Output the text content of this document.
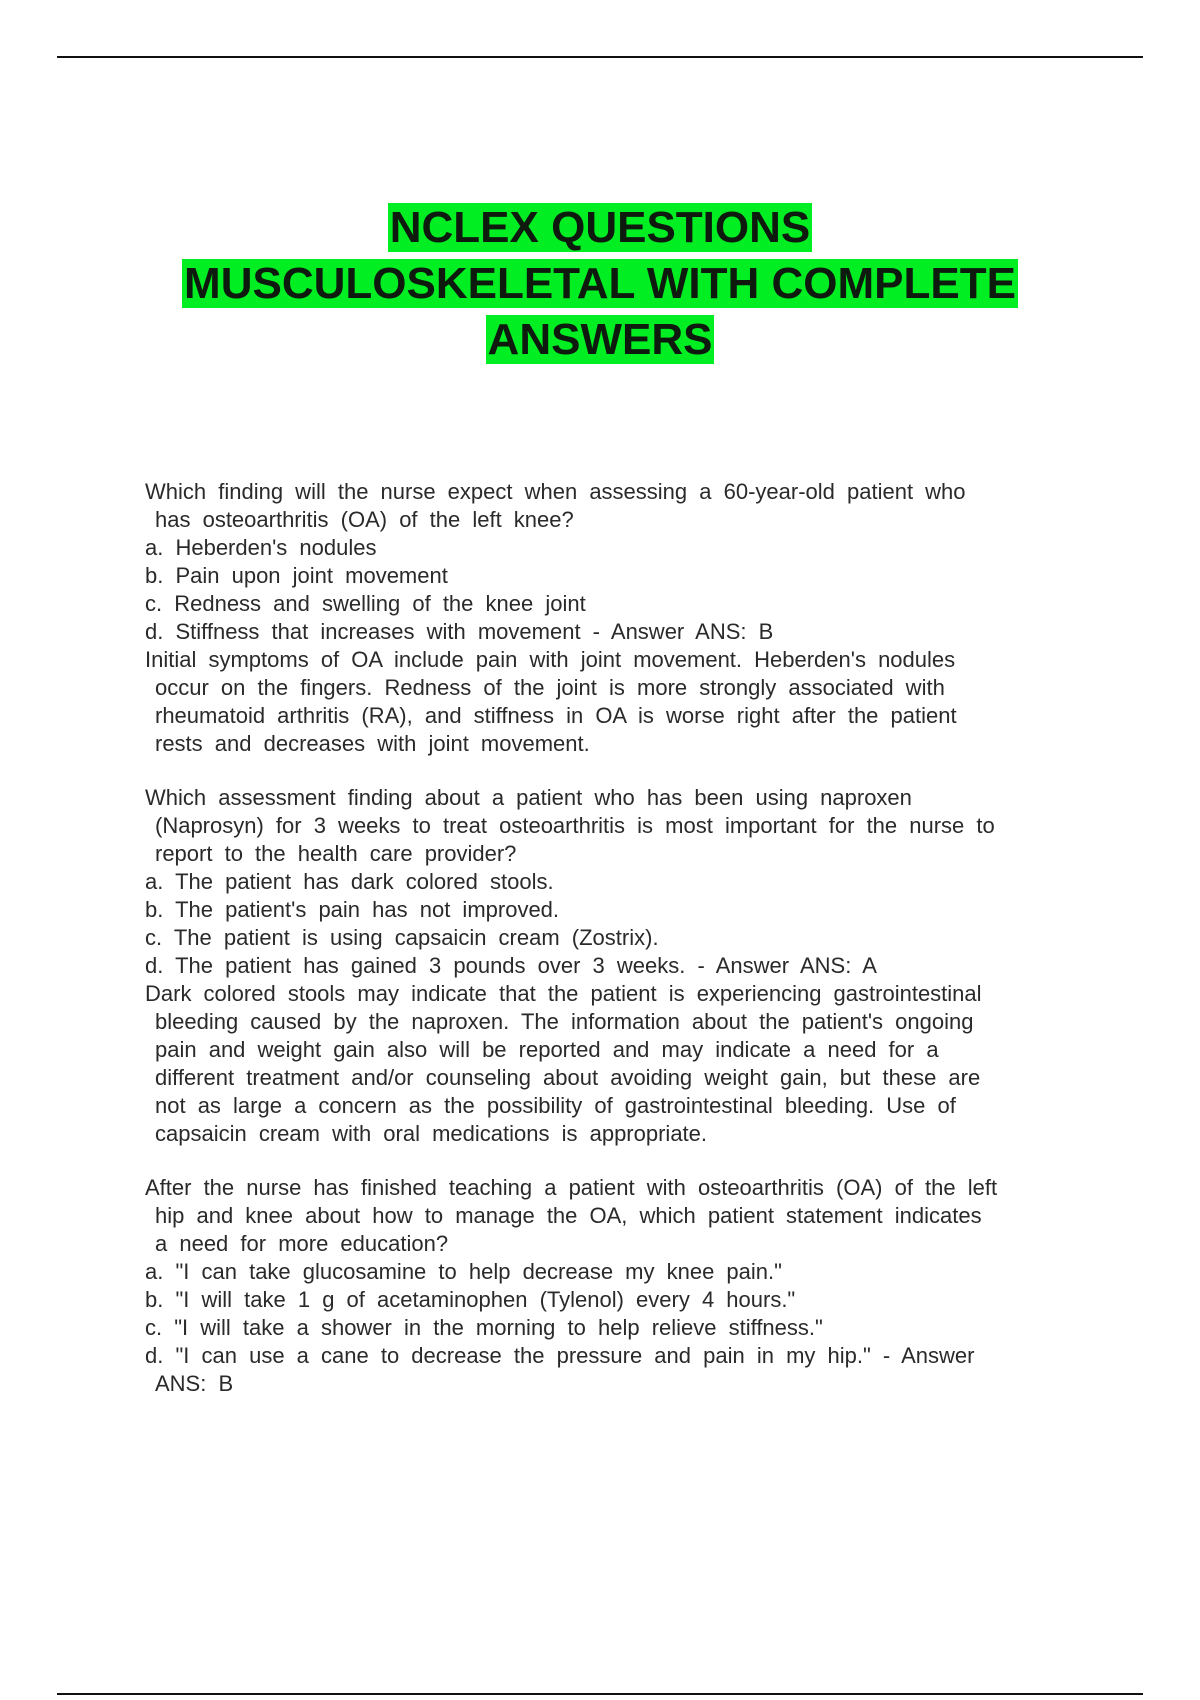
NCLEX QUESTIONS
MUSCULOSKELETAL WITH COMPLETE
ANSWERS
Which finding will the nurse expect when assessing a 60-year-old patient who
has osteoarthritis (OA) of the left knee?
a. Heberden's nodules
b. Pain upon joint movement
c. Redness and swelling of the knee joint
d. Stiffness that increases with movement - Answer ANS: B
Initial symptoms of OA include pain with joint movement. Heberden's nodules
occur on the fingers. Redness of the joint is more strongly associated with
rheumatoid arthritis (RA), and stiffness in OA is worse right after the patient
rests and decreases with joint movement.
Which assessment finding about a patient who has been using naproxen
(Naprosyn) for 3 weeks to treat osteoarthritis is most important for the nurse to
report to the health care provider?
a. The patient has dark colored stools.
b. The patient's pain has not improved.
c. The patient is using capsaicin cream (Zostrix).
d. The patient has gained 3 pounds over 3 weeks. - Answer ANS: A
Dark colored stools may indicate that the patient is experiencing gastrointestinal
bleeding caused by the naproxen. The information about the patient's ongoing
pain and weight gain also will be reported and may indicate a need for a
different treatment and/or counseling about avoiding weight gain, but these are
not as large a concern as the possibility of gastrointestinal bleeding. Use of
capsaicin cream with oral medications is appropriate.
After the nurse has finished teaching a patient with osteoarthritis (OA) of the left
hip and knee about how to manage the OA, which patient statement indicates
a need for more education?
a. "I can take glucosamine to help decrease my knee pain."
b. "I will take 1 g of acetaminophen (Tylenol) every 4 hours."
c. "I will take a shower in the morning to help relieve stiffness."
d. "I can use a cane to decrease the pressure and pain in my hip." - Answer
ANS: B
